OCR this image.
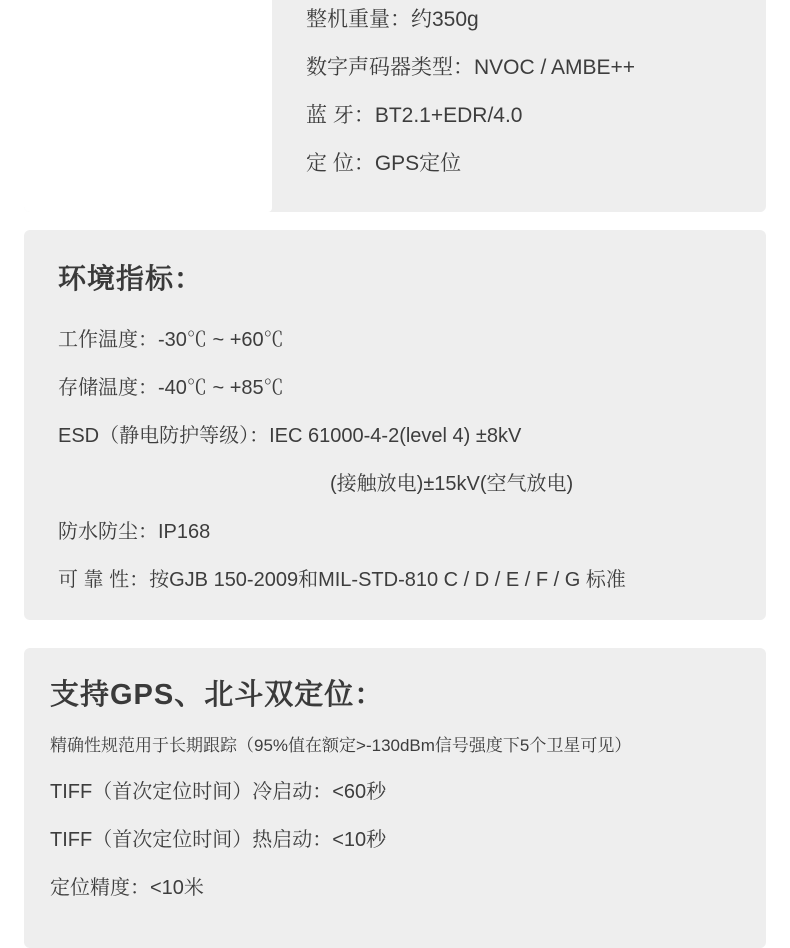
整机重量：约350g
数字声码器类型：NVOC / AMBE++
蓝 牙：BT2.1+EDR/4.0
定 位：GPS定位
环境指标：
工作温度：-30℃ ~ +60℃
存储温度：-40℃ ~ +85℃
ESD（静电防护等级）：IEC 61000-4-2(level 4) ±8kV
(接触放电)±15kV(空气放电)
防水防尘：IP168
可 靠 性：按GJB 150-2009和MIL-STD-810 C / D / E / F / G 标准
支持GPS、北斗双定位：
精确性规范用于长期跟踪（95%值在额定>-130dBm信号强度下5个卫星可见）
TIFF（首次定位时间）冷启动：<60秒
TIFF（首次定位时间）热启动：<10秒
定位精度：<10米
